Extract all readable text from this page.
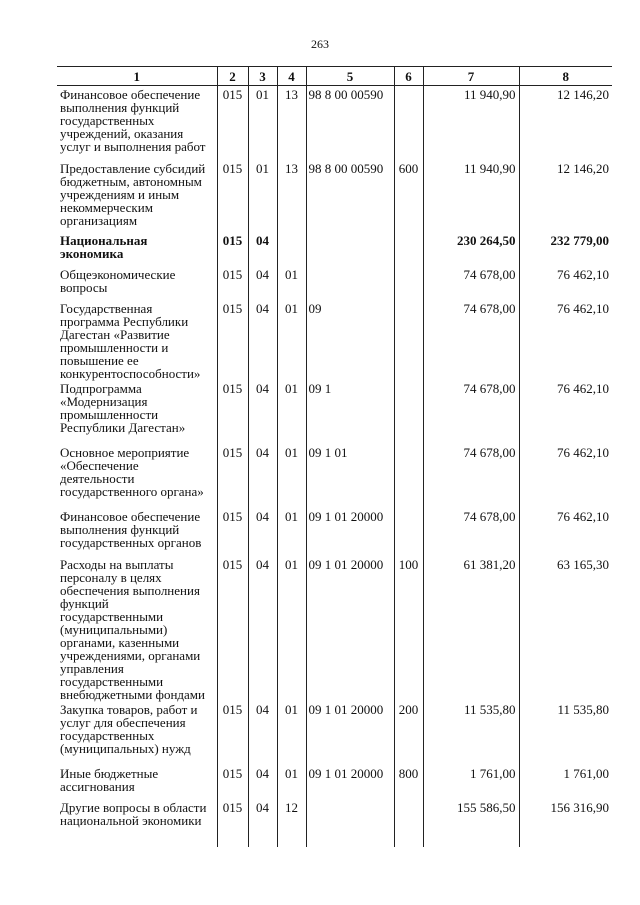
263
1	2	3	4	5	6	7	8
Финансовое обеспечение выполнения функций государственных учреждений, оказания услуг и выполнения работ	015	01	13	98 8 00 00590		11 940,90	12 146,20
Предоставление субсидий бюджетным, автономным учреждениям и иным некоммерческим организациям	015	01	13	98 8 00 00590	600	11 940,90	12 146,20
Национальная экономика	015	04				230 264,50	232 779,00
Общеэкономические вопросы	015	04	01			74 678,00	76 462,10
Государственная программа Республики Дагестан «Развитие промышленности и повышение ее конкурентоспособности»	015	04	01	09		74 678,00	76 462,10
Подпрограмма «Модернизация промышленности Республики Дагестан»	015	04	01	09 1		74 678,00	76 462,10
Основное мероприятие «Обеспечение деятельности государственного органа»	015	04	01	09 1 01		74 678,00	76 462,10
Финансовое обеспечение выполнения функций государственных органов	015	04	01	09 1 01 20000		74 678,00	76 462,10
Расходы на выплаты персоналу в целях обеспечения выполнения функций государственными (муниципальными) органами, казенными учреждениями, органами управления государственными внебюджетными фондами	015	04	01	09 1 01 20000	100	61 381,20	63 165,30
Закупка товаров, работ и услуг для обеспечения государственных (муниципальных) нужд	015	04	01	09 1 01 20000	200	11 535,80	11 535,80
Иные бюджетные ассигнования	015	04	01	09 1 01 20000	800	1 761,00	1 761,00
Другие вопросы в области национальной экономики	015	04	12			155 586,50	156 316,90
